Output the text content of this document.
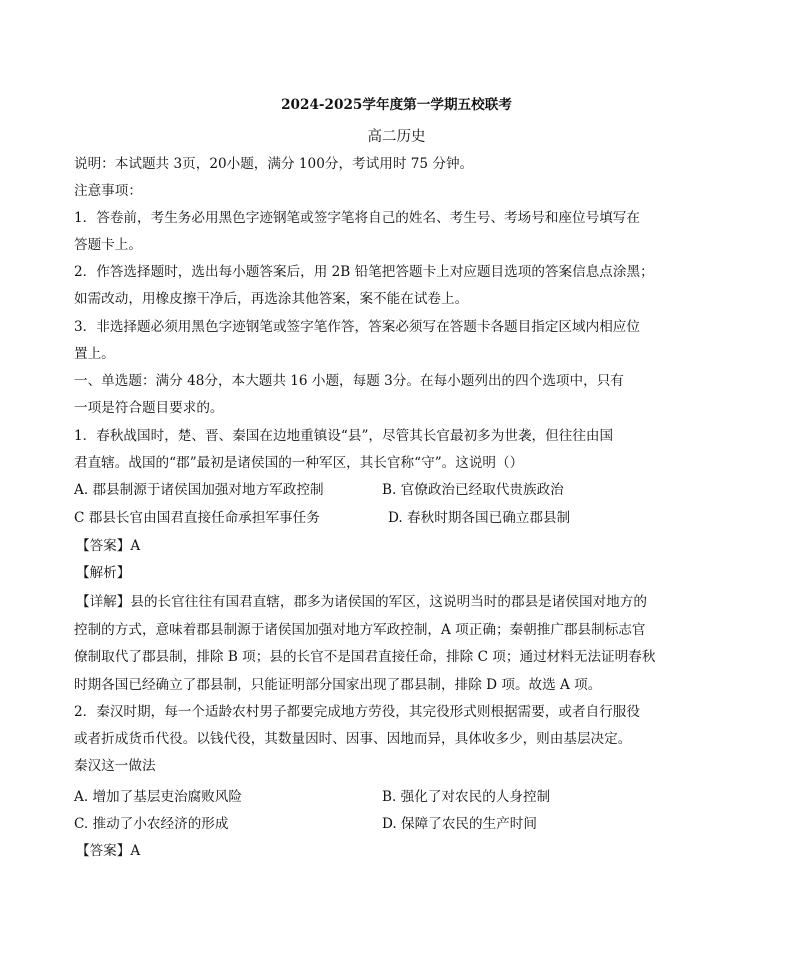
2024-2025学年度第一学期五校联考
高二历史
说明：本试题共 3页，20小题，满分 100分，考试用时 75 分钟。
注意事项：
1．答卷前，考生务必用黑色字迹钢笔或签字笔将自己的姓名、考生号、考场号和座位号填写在
答题卡上。
2．作答选择题时，选出每小题答案后，用 2B 铅笔把答题卡上对应题目选项的答案信息点涂黑；
如需改动，用橡皮擦干净后，再选涂其他答案，案不能在试卷上。
3．非选择题必须用黑色字迹钢笔或签字笔作答，答案必须写在答题卡各题目指定区域内相应位
置上。
一、单选题：满分 48分，本大题共 16 小题，每题 3分。在每小题列出的四个选项中，只有
一项是符合题目要求的。
1．春秋战国时，楚、晋、秦国在边地重镇设“县”，尽管其长官最初多为世袭，但往往由国
君直辖。战国的“郡”最初是诸侯国的一种军区，其长官称“守”。这说明（）
A. 郡县制源于诸侯国加强对地方军政控制	B. 官僚政治已经取代贵族政治
C 郡县长官由国君直接任命承担军事任务	D. 春秋时期各国已确立郡县制
【答案】A
【解析】
【详解】县的长官往往有国君直辖，郡多为诸侯国的军区，这说明当时的郡县是诸侯国对地方的
控制的方式，意味着郡县制源于诸侯国加强对地方军政控制，A 项正确；秦朝推广郡县制标志官
僚制取代了郡县制，排除 B 项；县的长官不是国君直接任命，排除 C 项；通过材料无法证明春秋
时期各国已经确立了郡县制，只能证明部分国家出现了郡县制，排除 D 项。故选 A 项。
2．秦汉时期，每一个适龄农村男子都要完成地方劳役，其完役形式则根据需要，或者自行服役
或者折成货币代役。以钱代役，其数量因时、因事、因地而异，具体收多少，则由基层决定。
秦汉这一做法
A. 增加了基层吏治腐败风险	B. 强化了对农民的人身控制
C. 推动了小农经济的形成	D. 保障了农民的生产时间
【答案】A
